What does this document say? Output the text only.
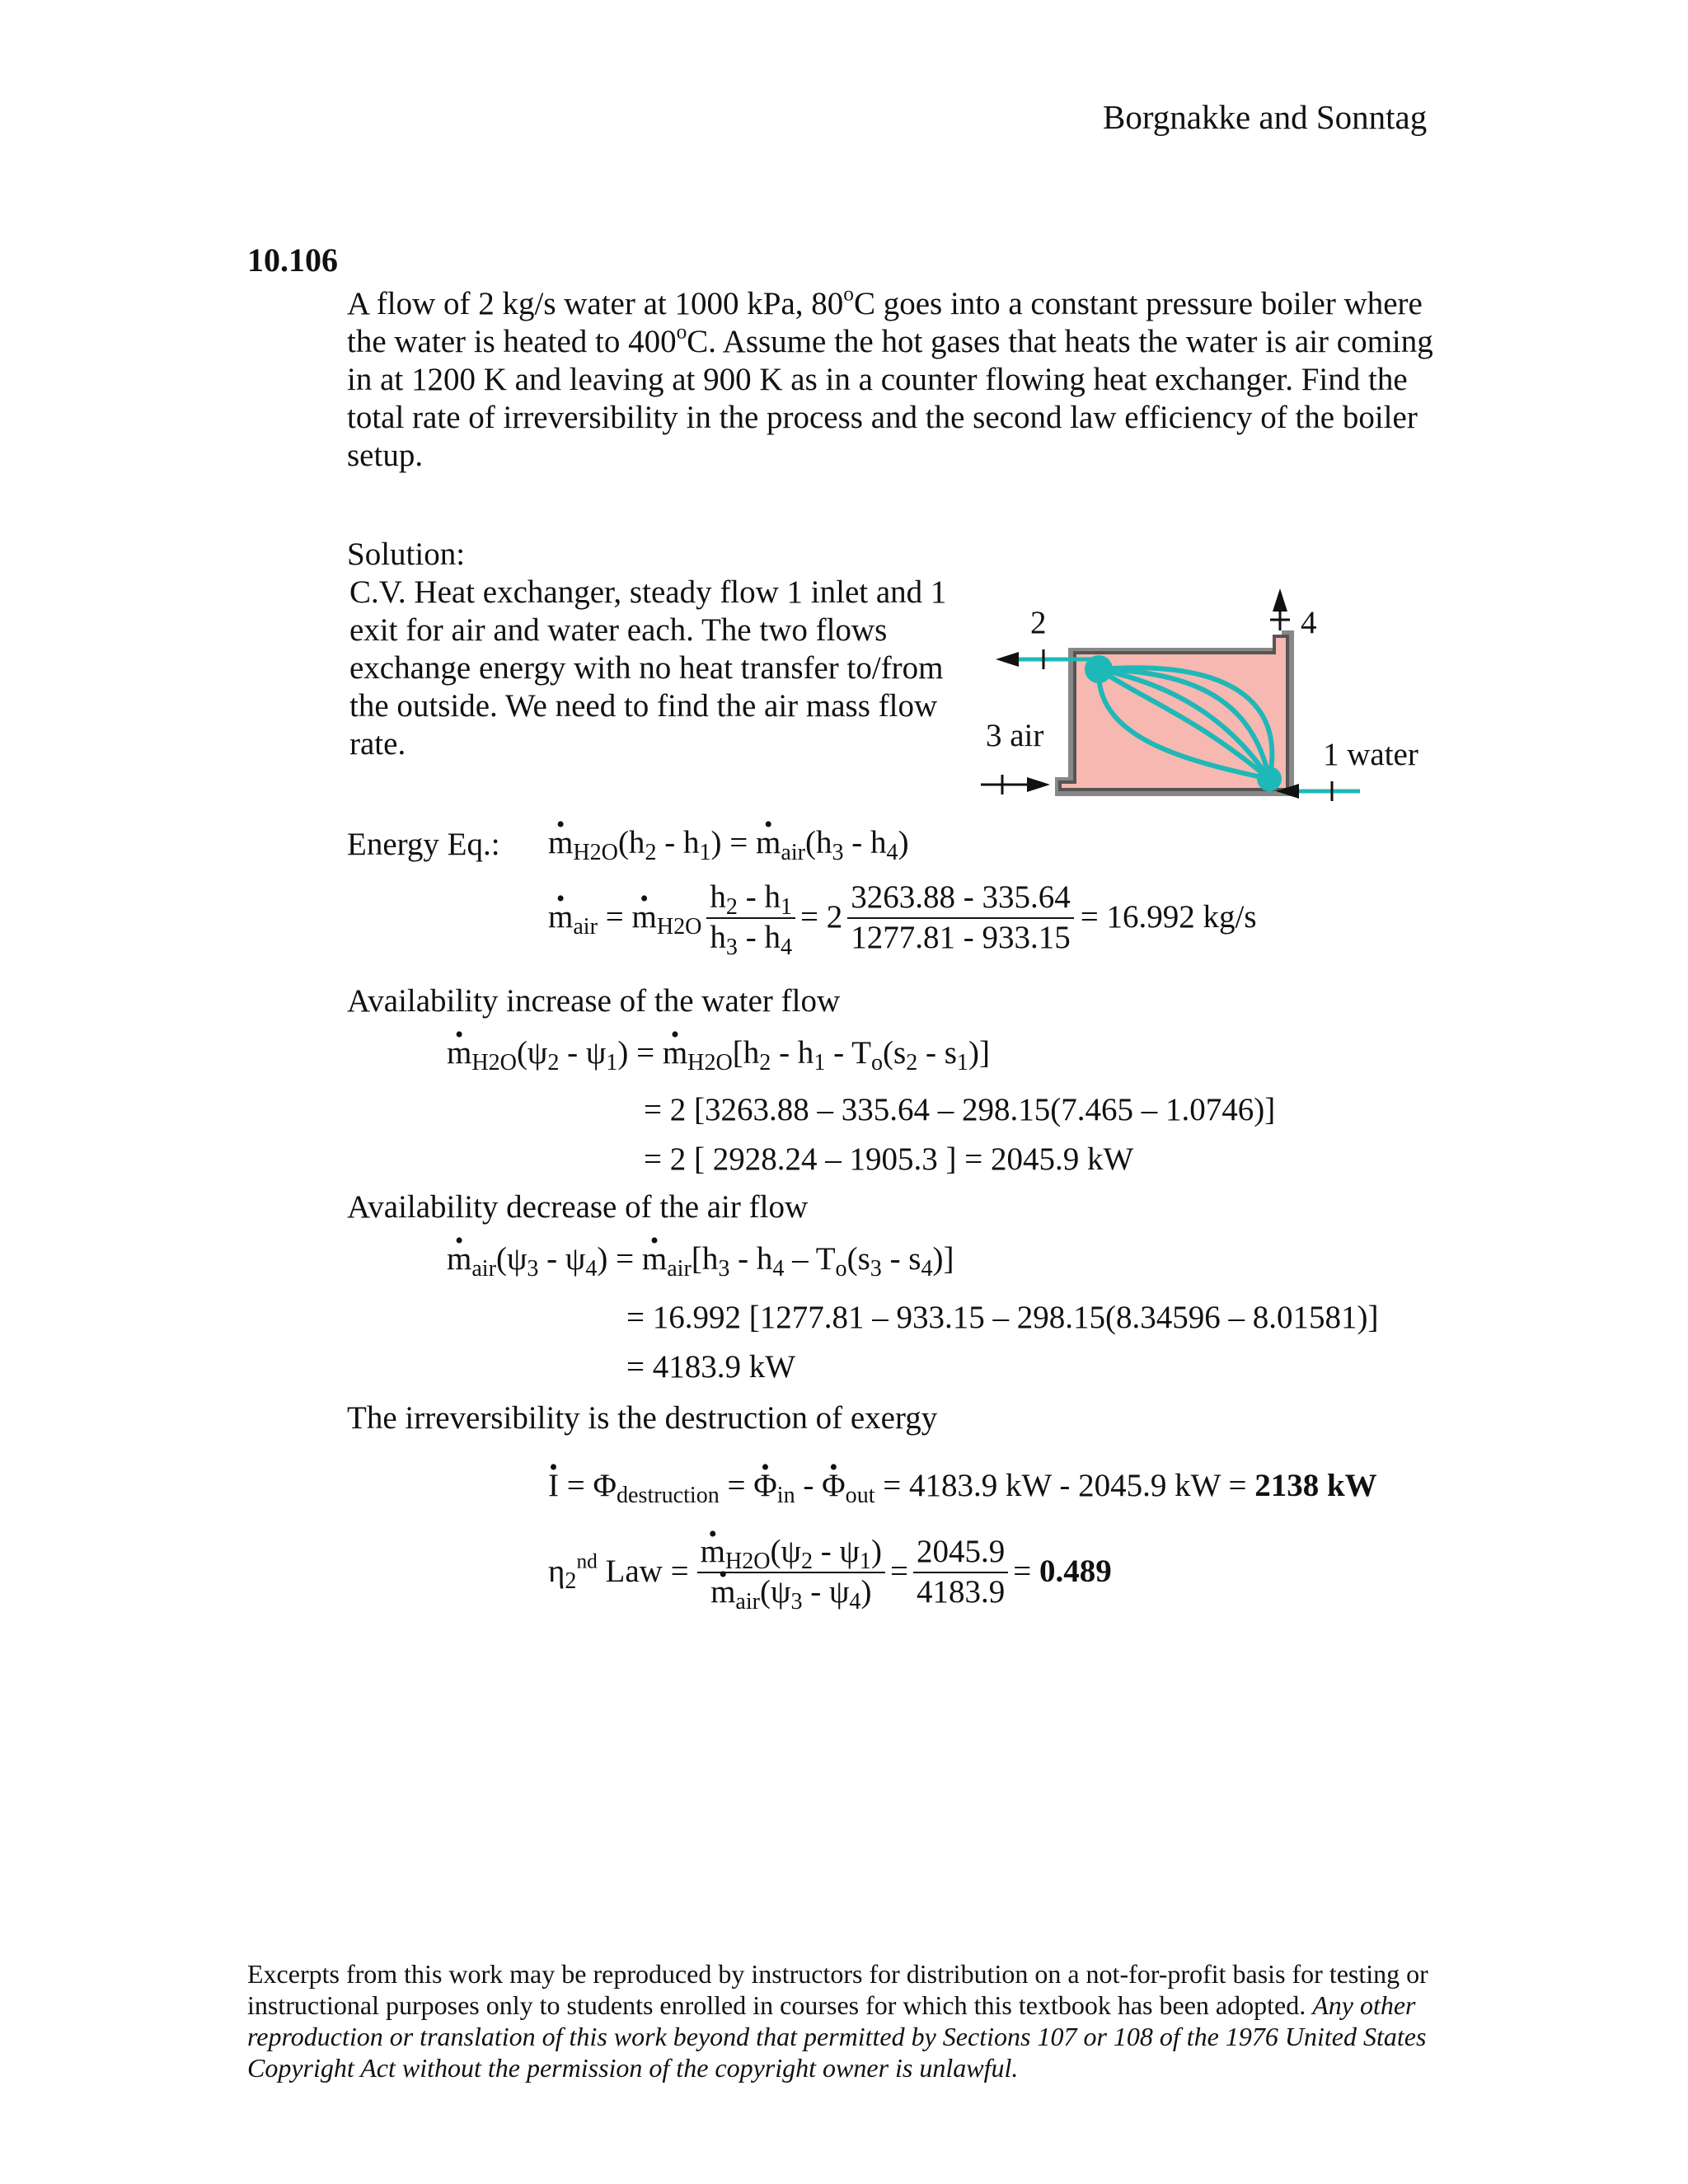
Borgnakke and Sonntag
10.106
A flow of 2 kg/s water at 1000 kPa, 80$^o$C goes into a constant pressure boiler where the water is heated to 400$^o$C. Assume the hot gases that heats the water is air coming in at 1200 K and leaving at 900 K as in a counter flowing heat exchanger. Find the total rate of irreversibility in the process and the second law efficiency of the boiler setup.
Solution:
C.V. Heat exchanger, steady flow 1 inlet and 1 exit for air and water each. The two flows exchange energy with no heat transfer to/from the outside. We need to find the air mass flow rate.
2	4
3 air
1 water
Energy Eq.: • $m_{H2O}(h_2 - h_1)$ = • $m_{air}(h_3 - h_4)$
• $m_{air}$ = • $m_{H2O} \frac{h_2 - h_1}{h_3 - h_4} = 2 \frac{3263.88 - 335.64}{1277.81 - 933.15} = 16.992$ kg/s
Availability increase of the water flow
• $m_{H2O}(\psi_2 - \psi_1)$ = • $m_{H2O}[h_2 - h_1 - T_o(s_2 - s_1)]$
= 2 [3263.88 – 335.64 – 298.15(7.465 – 1.0746)]
= 2 [ 2928.24 – 1905.3 ] = 2045.9 kW
Availability decrease of the air flow
• $m_{air}(\psi_3 - \psi_4)$ = • $m_{air}[h_3 - h_4 - T_o(s_3 - s_4)]$
= 16.992 [1277.81 – 933.15 – 298.15(8.34596 – 8.01581)]
= 4183.9 kW
The irreversibility is the destruction of exergy
• $I = \Phi_{destruction}$ = • $\Phi_{in}$ - • $\Phi_{out} = 4183.9$ kW - 2045.9 kW = 2138 kW
$\eta_2^{nd}$ Law = • $m_{H2O}(\psi_2 - \psi_1)$
• $m_{air}(\psi_3 - \psi_4) = \frac{2045.9}{4183.9} = 0.489$
Excerpts from this work may be reproduced by instructors for distribution on a not-for-profit basis for testing or instructional purposes only to students enrolled in courses for which this textbook has been adopted. Any other reproduction or translation of this work beyond that permitted by Sections 107 or 108 of the 1976 United States Copyright Act without the permission of the copyright owner is unlawful.
